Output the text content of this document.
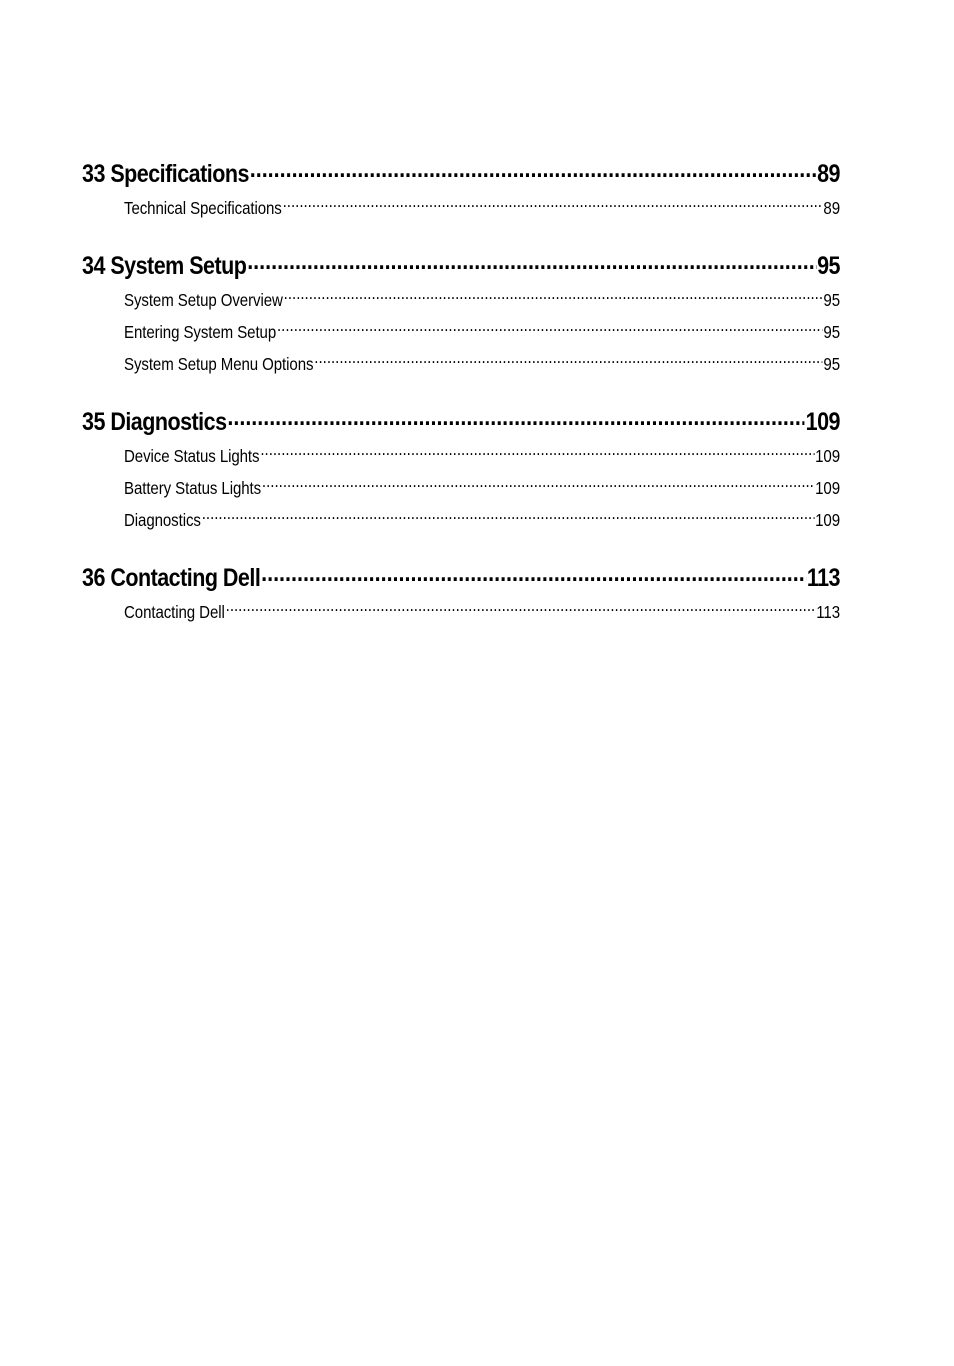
33 Specifications .....	89
Technical Specifications .....	89
34 System Setup .....	95
System Setup Overview .....	95
Entering System Setup .....	95
System Setup Menu Options .....	95
35 Diagnostics .....	109
Device Status Lights .....	109
Battery Status Lights .....	109
Diagnostics .....	109
36 Contacting Dell .....	113
Contacting Dell .....	113
